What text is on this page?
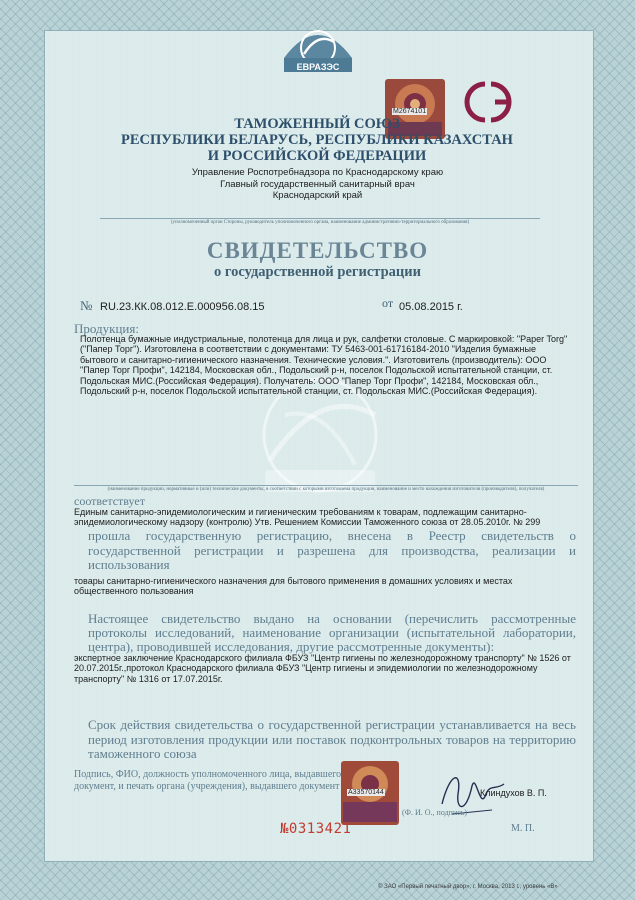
ЕВРАЗЭС
М2674101
ТАМОЖЕННЫЙ СОЮЗ
РЕСПУБЛИКИ БЕЛАРУСЬ, РЕСПУБЛИКИ КАЗАХСТАН
И РОССИЙСКОЙ ФЕДЕРАЦИИ
Управление Роспотребнадзора по Краснодарскому краю
Главный государственный санитарный врач
Краснодарский край
(уполномоченный орган Стороны, руководитель уполномоченного органа, наименование административно-территориального образования)
СВИДЕТЕЛЬСТВО
о государственной регистрации
№ RU.23.КК.08.012.Е.000956.08.15	от 05.08.2015 г.
Продукция:
Полотенца бумажные индустриальные, полотенца для лица и рук, салфетки столовые. С маркировкой: "Paper Torg" ("Папер Торг"). Изготовлена в соответствии с документами: ТУ 5463-001-61716184-2010 "Изделия бумажные бытового и санитарно-гигиенического назначения. Технические условия.". Изготовитель (производитель): ООО "Папер Торг Профи", 142184, Московская обл., Подольский р-н, поселок Подольской испытательной станции, ст. Подольская МИС.(Российская Федерация). Получатель: ООО "Папер Торг Профи", 142184, Московская обл., Подольский р-н, поселок Подольской испытательной станции, ст. Подольская МИС.(Российская Федерация).
(наименование продукции, нормативные и (или) технические документы, в соответствии с которыми изготовлена продукция, наименование и место нахождения изготовителя (производителя), получателя)
соответствует
Единым санитарно-эпидемиологическим и гигиеническим требованиям к товарам, подлежащим санитарно-эпидемиологическому надзору (контролю) Утв. Решением Комиссии Таможенного союза от 28.05.2010г. № 299
прошла государственную регистрацию, внесена в Реестр свидетельств о государственной регистрации и разрешена для производства, реализации и использования
товары санитарно-гигиенического назначения для бытового применения в домашних условиях и местах общественного пользования
Настоящее свидетельство выдано на основании (перечислить рассмотренные протоколы исследований, наименование организации (испытательной лаборатории, центра), проводившей исследования, другие рассмотренные документы):
экспертное заключение Краснодарского филиала ФБУЗ "Центр гигиены по железнодорожному транспорту" № 1526 от 20.07.2015г.,протокол Краснодарского филиала ФБУЗ "Центр гигиены и эпидемиологии по железнодорожному транспорту" № 1316 от 17.07.2015г.
Срок действия свидетельства о государственной регистрации устанавливается на весь период изготовления продукции или поставок подконтрольных товаров на территорию таможенного союза
Подпись, ФИО, должность уполномоченного лица, выдавшего документ, и печать органа (учреждения), выдавшего документ
А33570144	Клиндухов В. П.
(Ф. И. О., подпись)
№0313421	М. П.
© ЗАО «Первый печатный двор», г. Москва, 2013 г., уровень «В»
